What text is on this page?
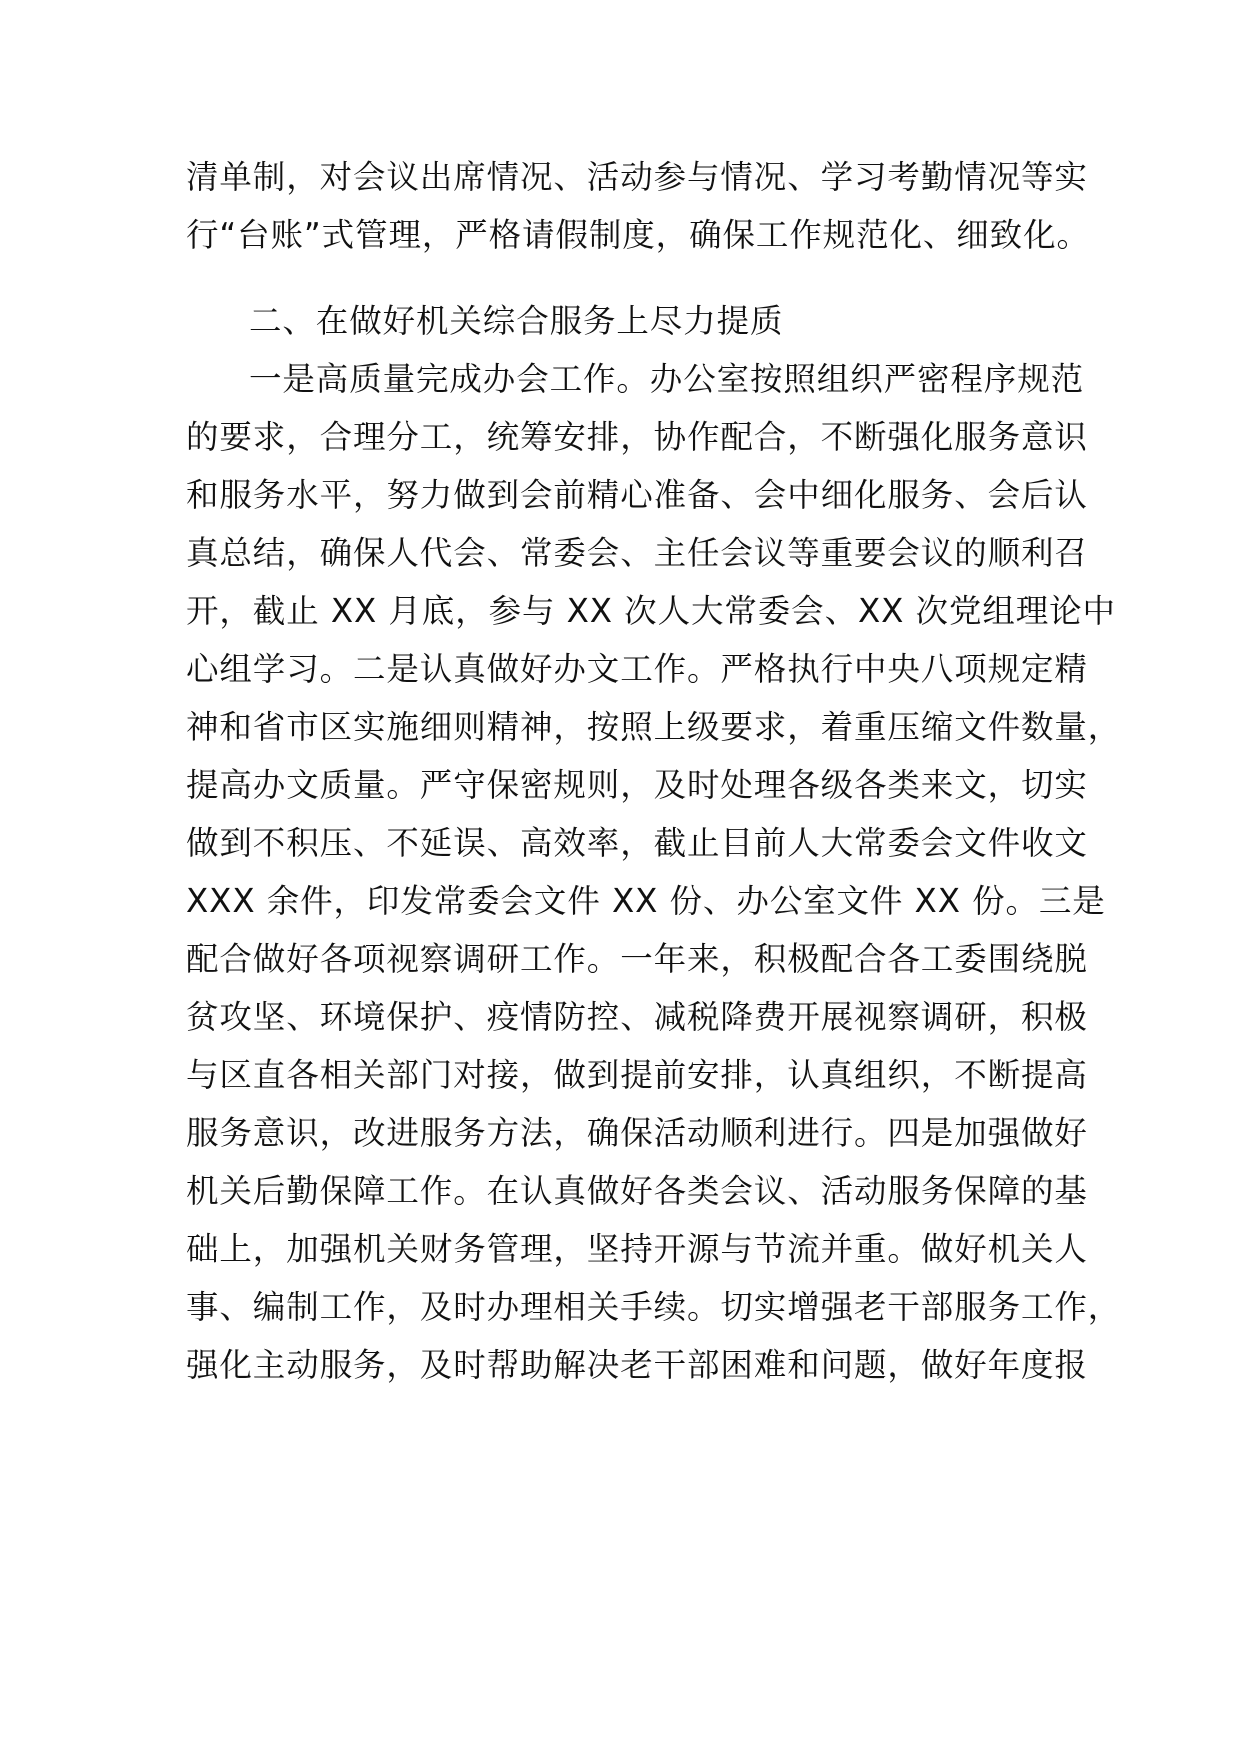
清单制，对会议出席情况、活动参与情况、学习考勤情况等实
行“台账”式管理，严格请假制度，确保工作规范化、细致化。
二、在做好机关综合服务上尽力提质
一是高质量完成办会工作。办公室按照组织严密程序规范
的要求，合理分工，统筹安排，协作配合，不断强化服务意识
和服务水平，努力做到会前精心准备、会中细化服务、会后认
真总结，确保人代会、常委会、主任会议等重要会议的顺利召
开，截止 XX 月底，参与 XX 次人大常委会、XX 次党组理论中
心组学习。二是认真做好办文工作。严格执行中央八项规定精
神和省市区实施细则精神，按照上级要求，着重压缩文件数量，
提高办文质量。严守保密规则，及时处理各级各类来文，切实
做到不积压、不延误、高效率，截止目前人大常委会文件收文
XXX 余件，印发常委会文件 XX 份、办公室文件 XX 份。三是
配合做好各项视察调研工作。一年来，积极配合各工委围绕脱
贫攻坚、环境保护、疫情防控、减税降费开展视察调研，积极
与区直各相关部门对接，做到提前安排，认真组织，不断提高
服务意识，改进服务方法，确保活动顺利进行。四是加强做好
机关后勤保障工作。在认真做好各类会议、活动服务保障的基
础上，加强机关财务管理，坚持开源与节流并重。做好机关人
事、编制工作，及时办理相关手续。切实增强老干部服务工作，
强化主动服务，及时帮助解决老干部困难和问题，做好年度报
